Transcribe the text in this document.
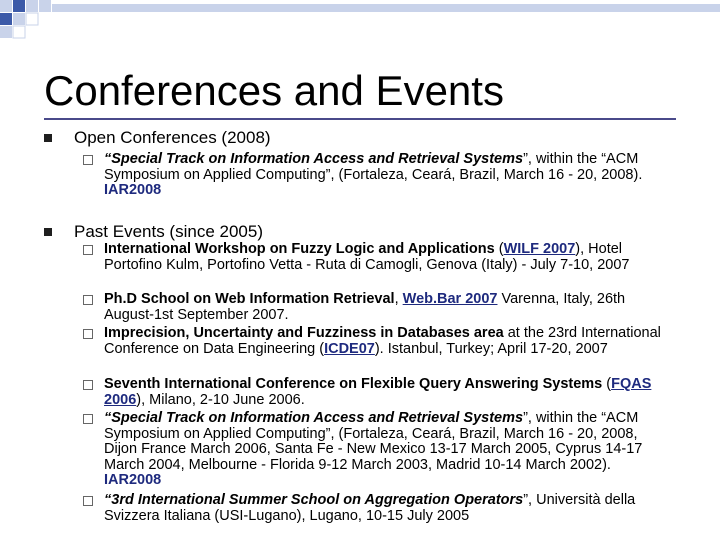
Conferences and Events
Open Conferences (2008)
“Special Track on Information Access and Retrieval Systems”, within the “ACM Symposium on Applied Computing”, (Fortaleza, Ceará, Brazil, March 16 - 20, 2008). IAR2008
Past Events (since 2005)
International Workshop on Fuzzy Logic and Applications (WILF 2007), Hotel Portofino Kulm, Portofino Vetta - Ruta di Camogli, Genova (Italy) - July 7-10, 2007
Ph.D School on Web Information Retrieval, Web.Bar 2007 Varenna, Italy, 26th August-1st September 2007.
Imprecision, Uncertainty and Fuzziness in Databases area at the 23rd International Conference on Data Engineering (ICDE07). Istanbul, Turkey; April 17-20, 2007
Seventh International Conference on Flexible Query Answering Systems (FQAS 2006), Milano, 2-10 June 2006.
“Special Track on Information Access and Retrieval Systems”, within the “ACM Symposium on Applied Computing”, (Fortaleza, Ceará, Brazil, March 16 - 20, 2008, Dijon France March 2006, Santa Fe - New Mexico 13-17 March 2005, Cyprus 14-17 March 2004, Melbourne - Florida 9-12 March 2003, Madrid 10-14 March 2002). IAR2008
“3rd International Summer School on Aggregation Operators”, Università della Svizzera Italiana (USI-Lugano), Lugano, 10-15 July 2005
